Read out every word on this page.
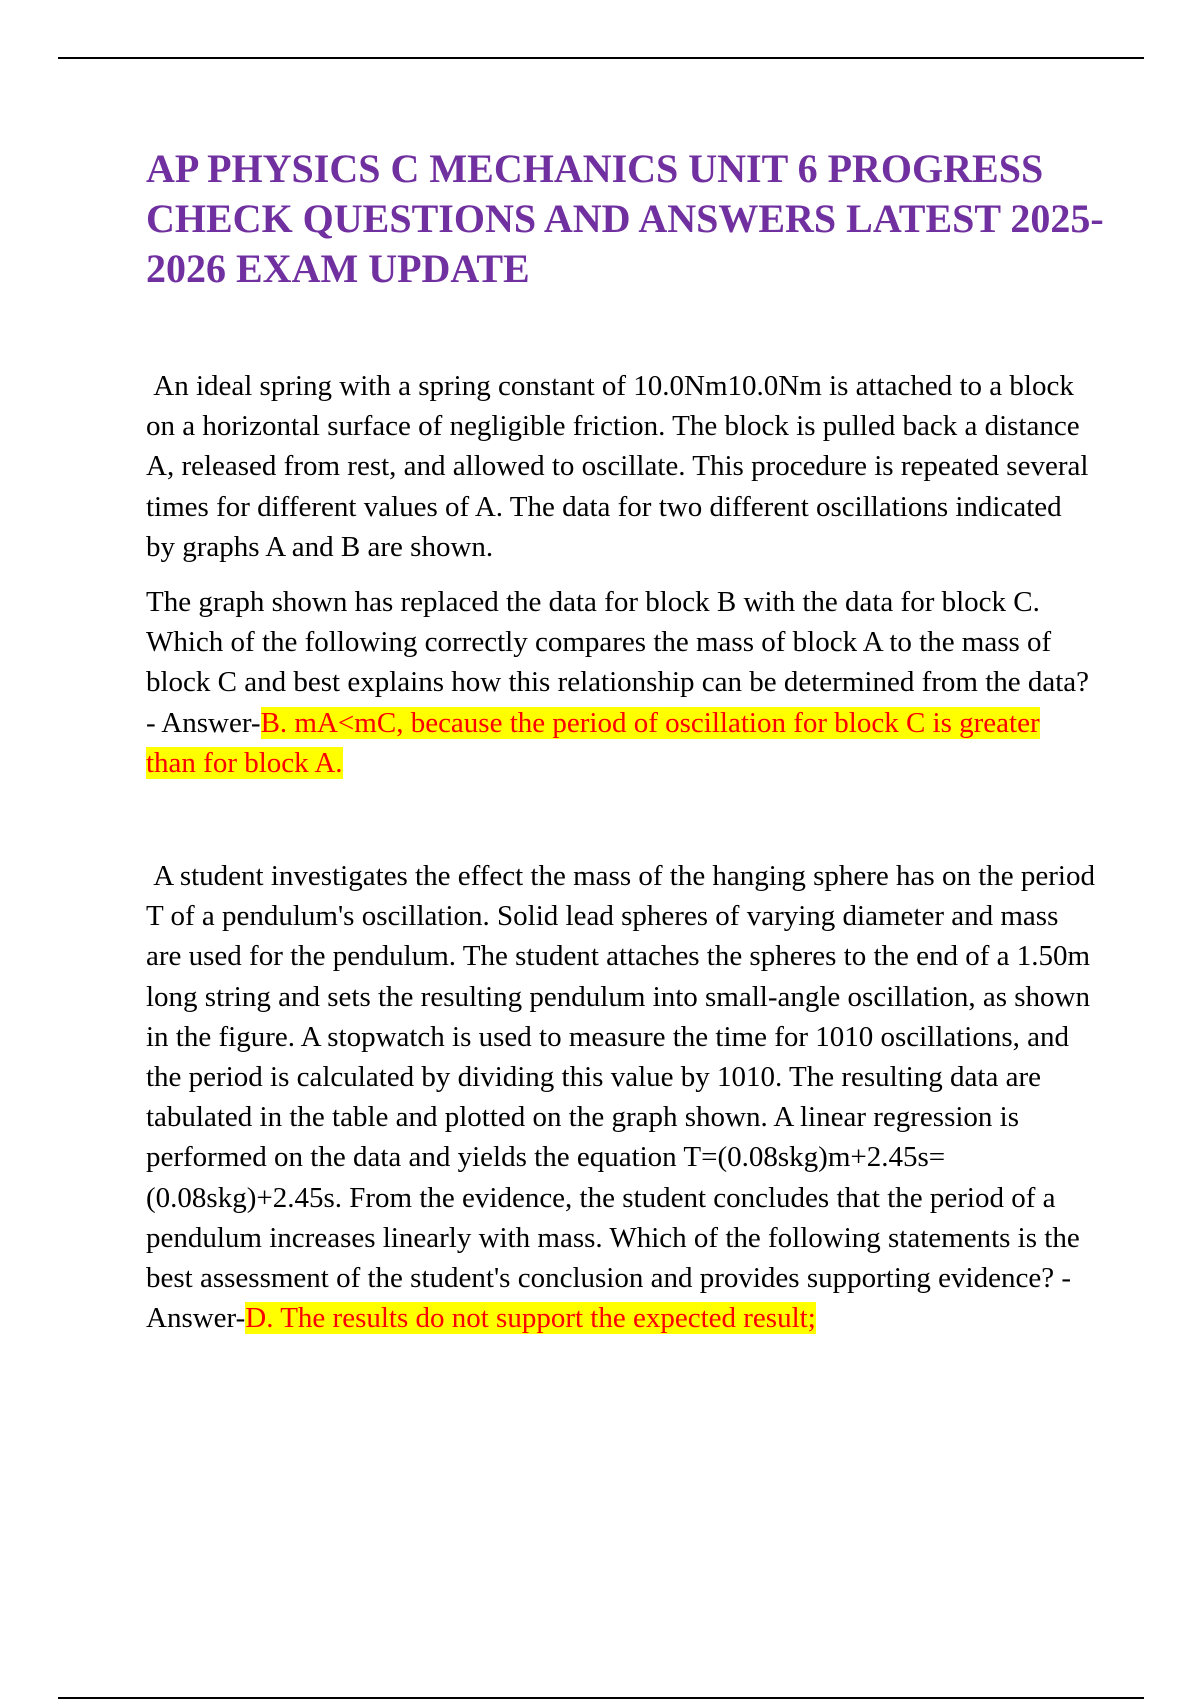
AP PHYSICS C MECHANICS UNIT 6 PROGRESS CHECK QUESTIONS AND ANSWERS LATEST 2025-2026 EXAM UPDATE

An ideal spring with a spring constant of 10.0Nm10.0Nm is attached to a block on a horizontal surface of negligible friction. The block is pulled back a distance A, released from rest, and allowed to oscillate. This procedure is repeated several times for different values of A. The data for two different oscillations indicated by graphs A and B are shown.

The graph shown has replaced the data for block B with the data for block C. Which of the following correctly compares the mass of block A to the mass of block C and best explains how this relationship can be determined from the data? - Answer-B. mA<mC, because the period of oscillation for block C is greater than for block A.

A student investigates the effect the mass of the hanging sphere has on the period T of a pendulum's oscillation. Solid lead spheres of varying diameter and mass are used for the pendulum. The student attaches the spheres to the end of a 1.50m long string and sets the resulting pendulum into small-angle oscillation, as shown in the figure. A stopwatch is used to measure the time for 1010 oscillations, and the period is calculated by dividing this value by 1010. The resulting data are tabulated in the table and plotted on the graph shown. A linear regression is performed on the data and yields the equation T=(0.08skg)m+2.45s=(0.08skg)+2.45s. From the evidence, the student concludes that the period of a pendulum increases linearly with mass. Which of the following statements is the best assessment of the student's conclusion and provides supporting evidence? - Answer-D. The results do not support the expected result;
